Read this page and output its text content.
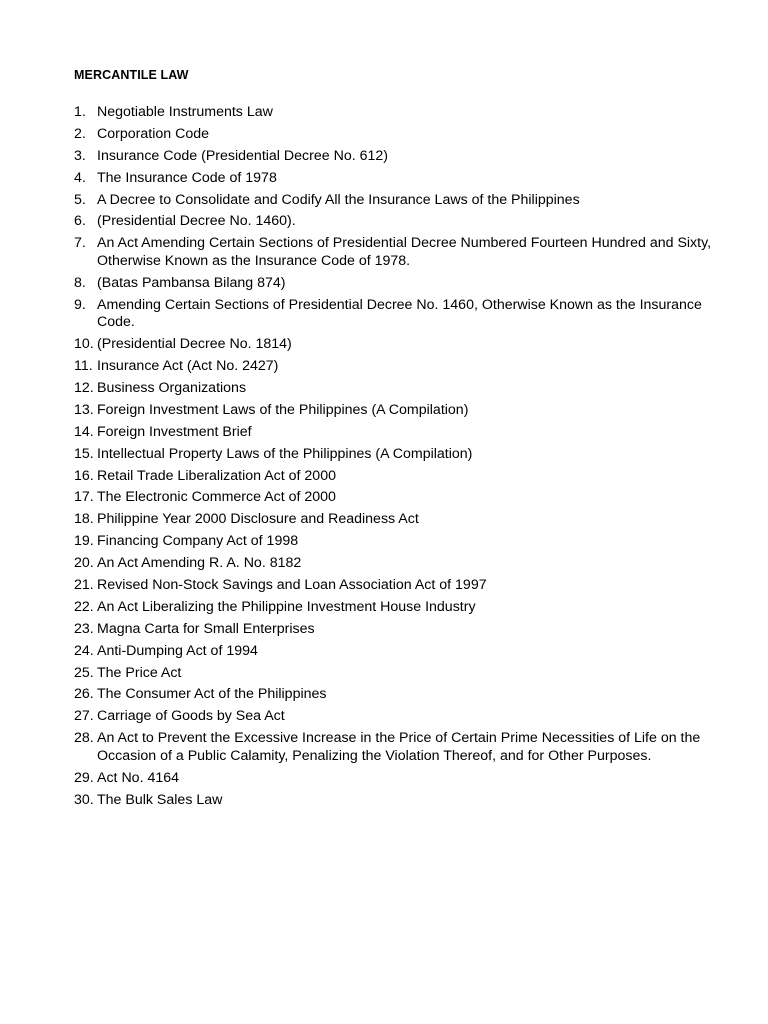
MERCANTILE LAW
1. Negotiable Instruments Law
2. Corporation Code
3. Insurance Code (Presidential Decree No. 612)
4. The Insurance Code of 1978
5. A Decree to Consolidate and Codify All the Insurance Laws of the Philippines
6. (Presidential Decree No. 1460).
7. An Act Amending Certain Sections of Presidential Decree Numbered Fourteen Hundred and Sixty, Otherwise Known as the Insurance Code of 1978.
8. (Batas Pambansa Bilang 874)
9. Amending Certain Sections of Presidential Decree No. 1460, Otherwise Known as the Insurance Code.
10. (Presidential Decree No. 1814)
11. Insurance Act (Act No. 2427)
12. Business Organizations
13. Foreign Investment Laws of the Philippines (A Compilation)
14. Foreign Investment Brief
15. Intellectual Property Laws of the Philippines (A Compilation)
16. Retail Trade Liberalization Act of 2000
17. The Electronic Commerce Act of 2000
18. Philippine Year 2000 Disclosure and Readiness Act
19. Financing Company Act of 1998
20. An Act Amending R. A. No. 8182
21. Revised Non-Stock Savings and Loan Association Act of 1997
22. An Act Liberalizing the Philippine Investment House Industry
23. Magna Carta for Small Enterprises
24. Anti-Dumping Act of 1994
25. The Price Act
26. The Consumer Act of the Philippines
27. Carriage of Goods by Sea Act
28. An Act to Prevent the Excessive Increase in the Price of Certain Prime Necessities of Life on the Occasion of a Public Calamity, Penalizing the Violation Thereof, and for Other Purposes.
29. Act No. 4164
30. The Bulk Sales Law
